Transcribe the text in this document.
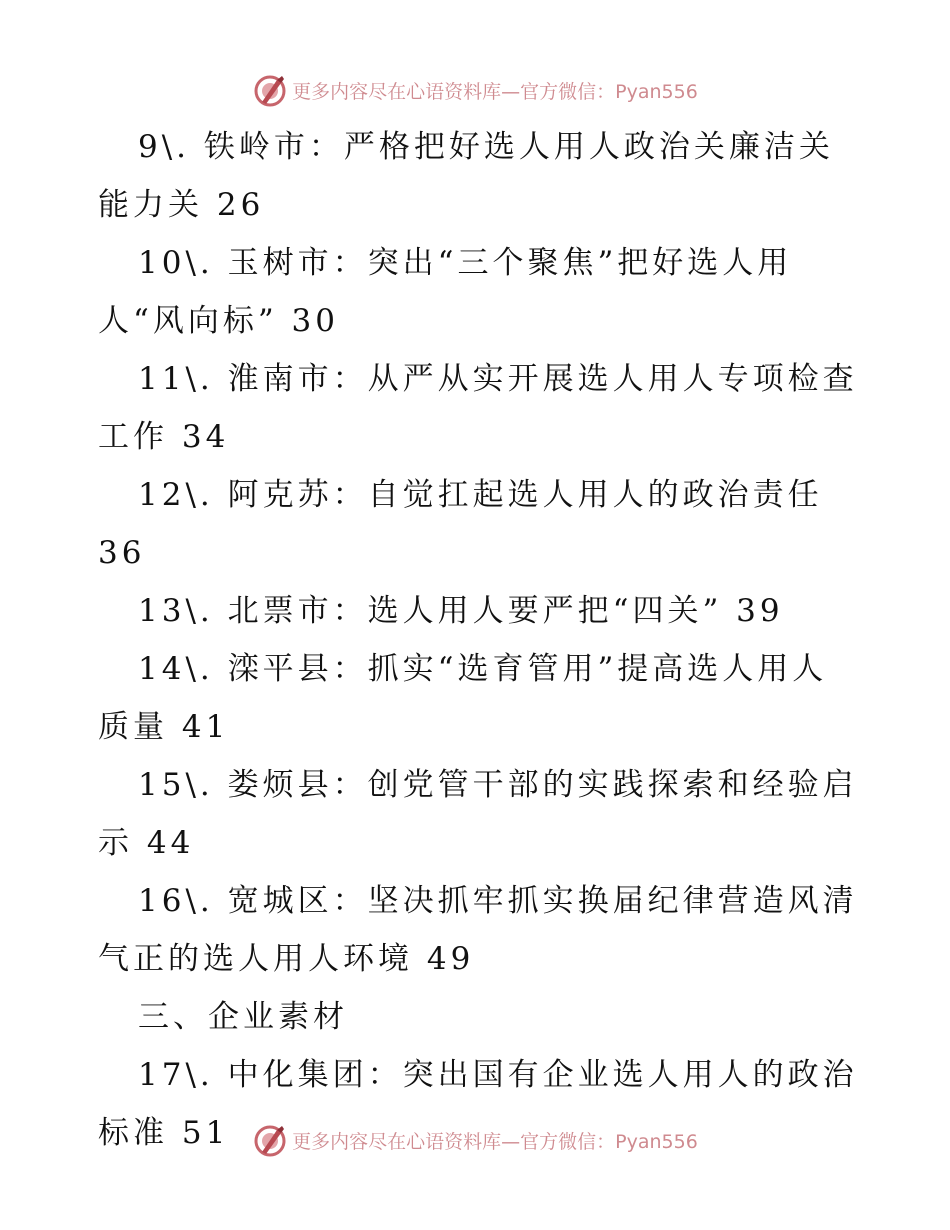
更多内容尽在心语资料库—官方微信：Pyan556

9\. 铁岭市：严格把好选人用人政治关廉洁关能力关 26

10\. 玉树市：突出“三个聚焦”把好选人用人“风向标” 30

11\. 淮南市：从严从实开展选人用人专项检查工作 34

12\. 阿克苏：自觉扛起选人用人的政治责任 36

13\. 北票市：选人用人要严把“四关” 39

14\. 滦平县：抓实“选育管用”提高选人用人质量 41

15\. 娄烦县：创党管干部的实践探索和经验启示 44

16\. 宽城区：坚决抓牢抓实换届纪律营造风清气正的选人用人环境 49

三、企业素材

17\. 中化集团：突出国有企业选人用人的政治标准 51	更多内容尽在心语资料库—官方微信：Pyan556
